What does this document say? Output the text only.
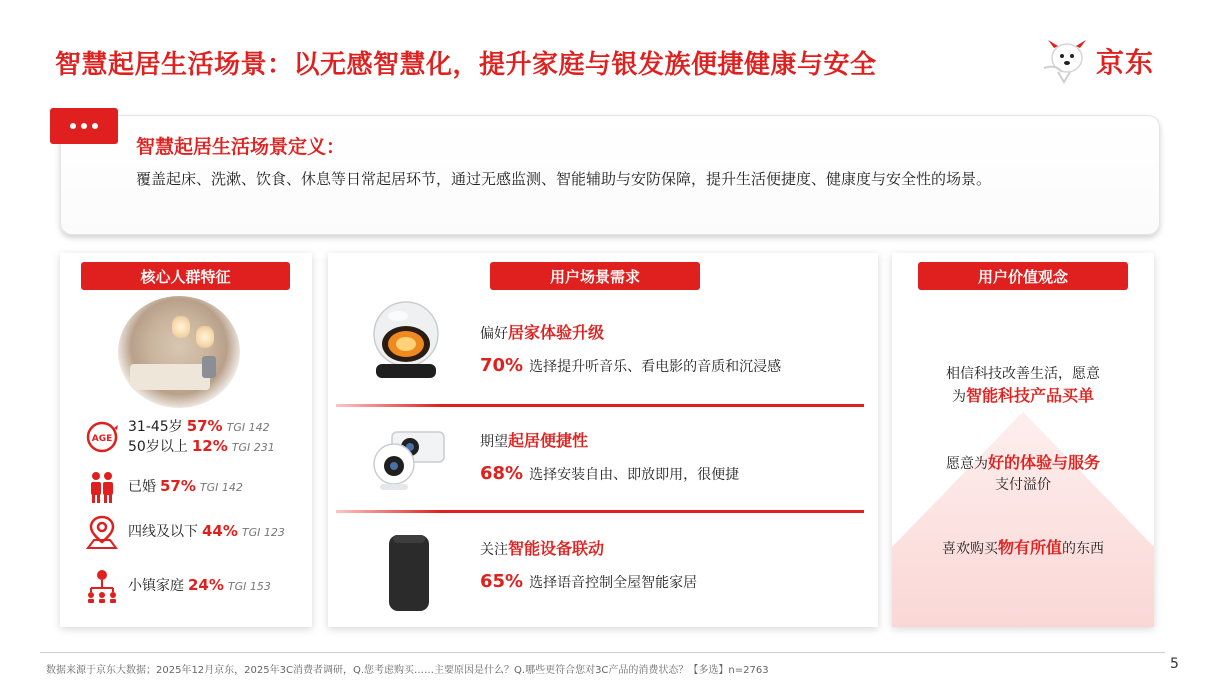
智慧起居生活场景：以无感智慧化，提升家庭与银发族便捷健康与安全	京东
智慧起居生活场景定义：
覆盖起床、洗漱、饮食、休息等日常起居环节，通过无感监测、智能辅助与安防保障，提升生活便捷度、健康度与安全性的场景。
核心人群特征
AGE
31-45岁 57% TGI 142
50岁以上 12% TGI 231
已婚 57% TGI 142
四线及以下 44% TGI 123
小镇家庭 24% TGI 153
用户场景需求
偏好居家体验升级
70% 选择提升听音乐、看电影的音质和沉浸感
期望起居便捷性
68% 选择安装自由、即放即用，很便捷
关注智能设备联动
65% 选择语音控制全屋智能家居
用户价值观念
相信科技改善生活，愿意
为智能科技产品买单
愿意为好的体验与服务
支付溢价
喜欢购买物有所值的东西
数据来源于京东大数据；2025年12月京东，2025年3C消费者调研，Q.您考虑购买……主要原因是什么？Q.哪些更符合您对3C产品的消费状态？【多选】n=2763	5
